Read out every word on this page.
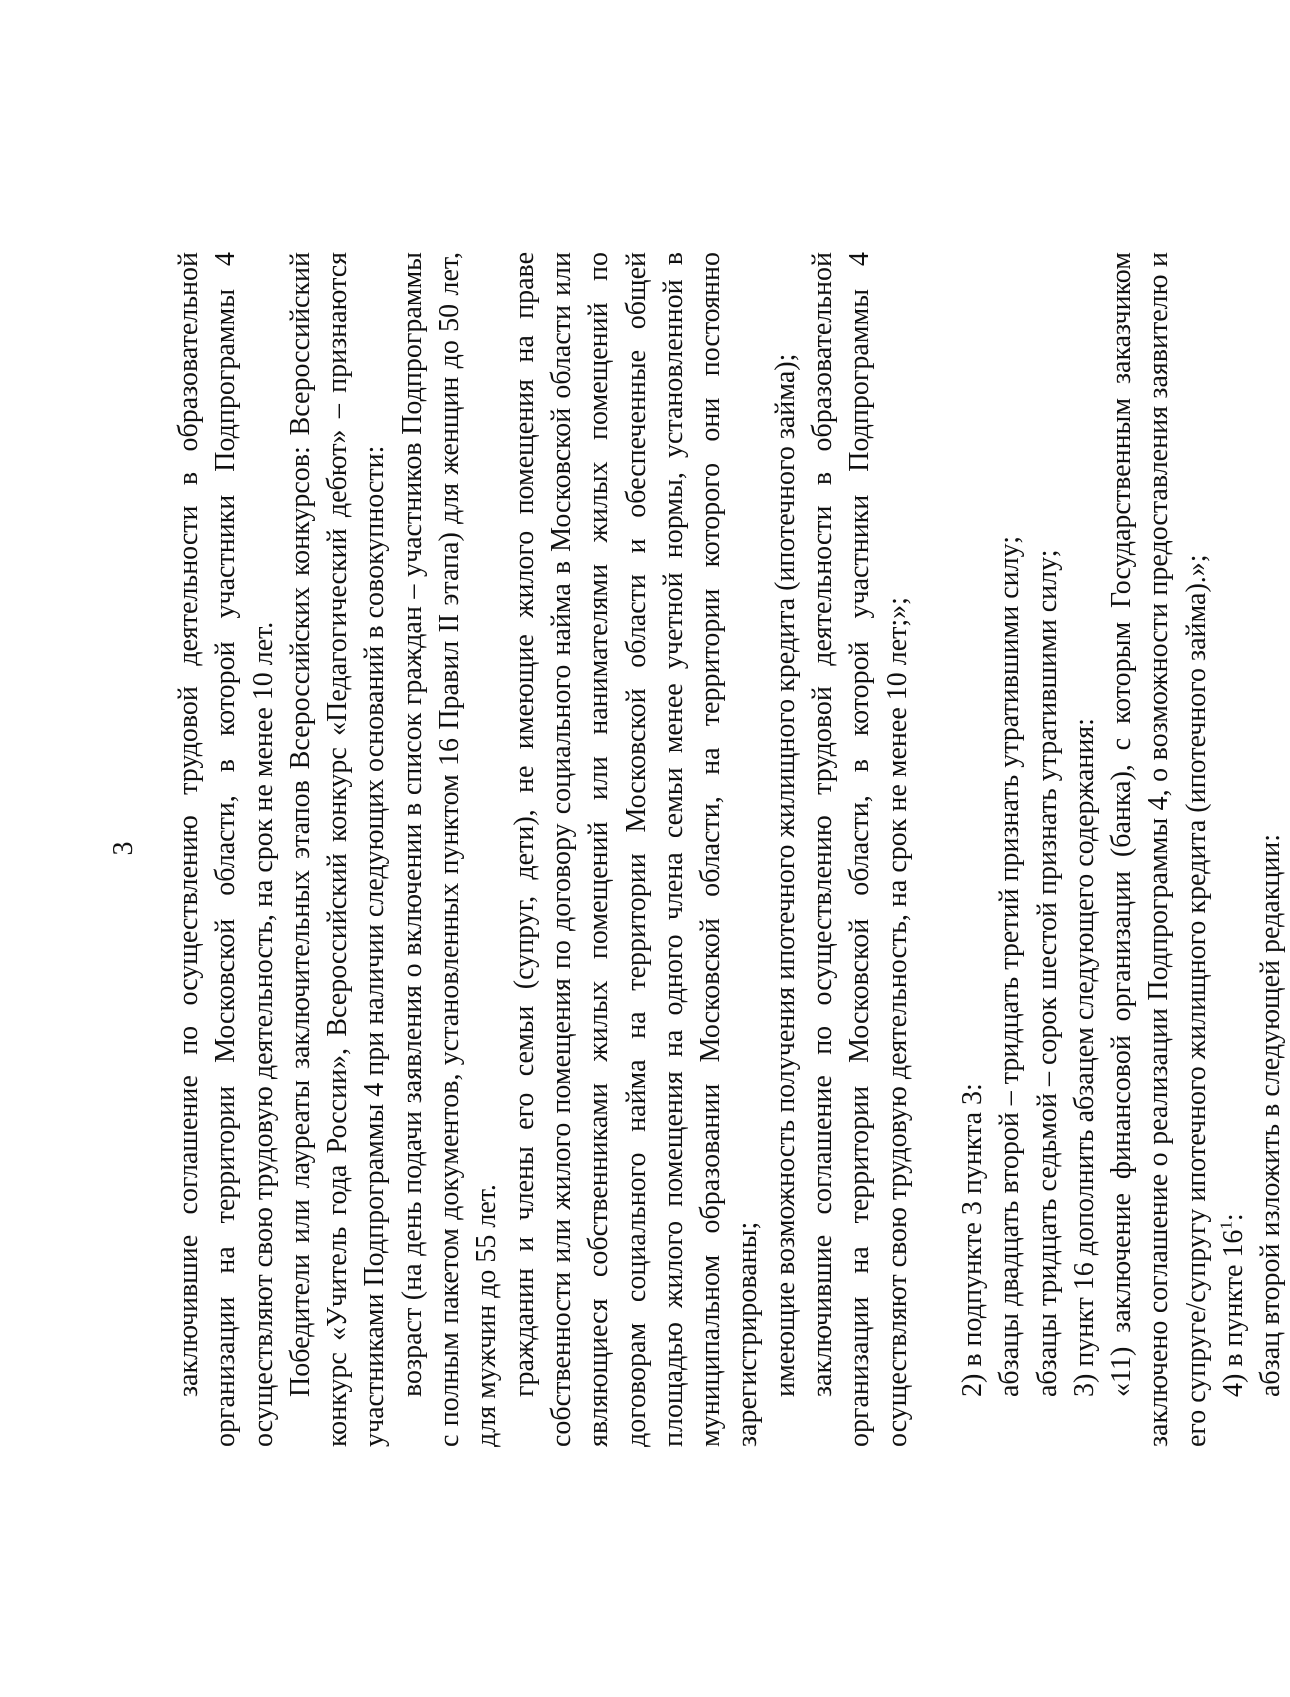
3 заключившие соглашение по осуществлению трудовой деятельности в образовательной организации на территории Московской области, в которой участники Подпрограммы 4 осуществляют свою трудовую деятельность, на срок не менее 10 лет. Победители или лауреаты заключительных этапов Всероссийских конкурсов: Всероссийский конкурс «Учитель года России», Всероссийский конкурс «Педагогический дебют» – признаются участниками Подпрограммы 4 при наличии следующих оснований в совокупности: возраст (на день подачи заявления о включении в список граждан – участников Подпрограммы с полным пакетом документов, установленных пунктом 16 Правил II этапа) для женщин до 50 лет, для мужчин до 55 лет. гражданин и члены его семьи (супруг, дети), не имеющие жилого помещения на праве собственности или жилого помещения по договору социального найма в Московской области или являющиеся собственниками жилых помещений или нанимателями жилых помещений по договорам социального найма на территории Московской области и обеспеченные общей площадью жилого помещения на одного члена семьи менее учетной нормы, установленной в муниципальном образовании Московской области, на территории которого они постоянно зарегистрированы; имеющие возможность получения ипотечного жилищного кредита (ипотечного займа); заключившие соглашение по осуществлению трудовой деятельности в образовательной организации на территории Московской области, в которой участники Подпрограммы 4 осуществляют свою трудовую деятельность, на срок не менее 10 лет;»; 2) в подпункте 3 пункта 3: абзацы двадцать второй – тридцать третий признать утратившими силу; абзацы тридцать седьмой – сорок шестой признать утратившими силу; 3) пункт 16 дополнить абзацем следующего содержания: «11) заключение финансовой организации (банка), с которым Государственным заказчиком заключено соглашение о реализации Подпрограммы 4, о возможности предоставления заявителю и его супруге/супругу ипотечного жилищного кредита (ипотечного займа).»; 4) в пункте $16^1$: абзац второй изложить в следующей редакции:
